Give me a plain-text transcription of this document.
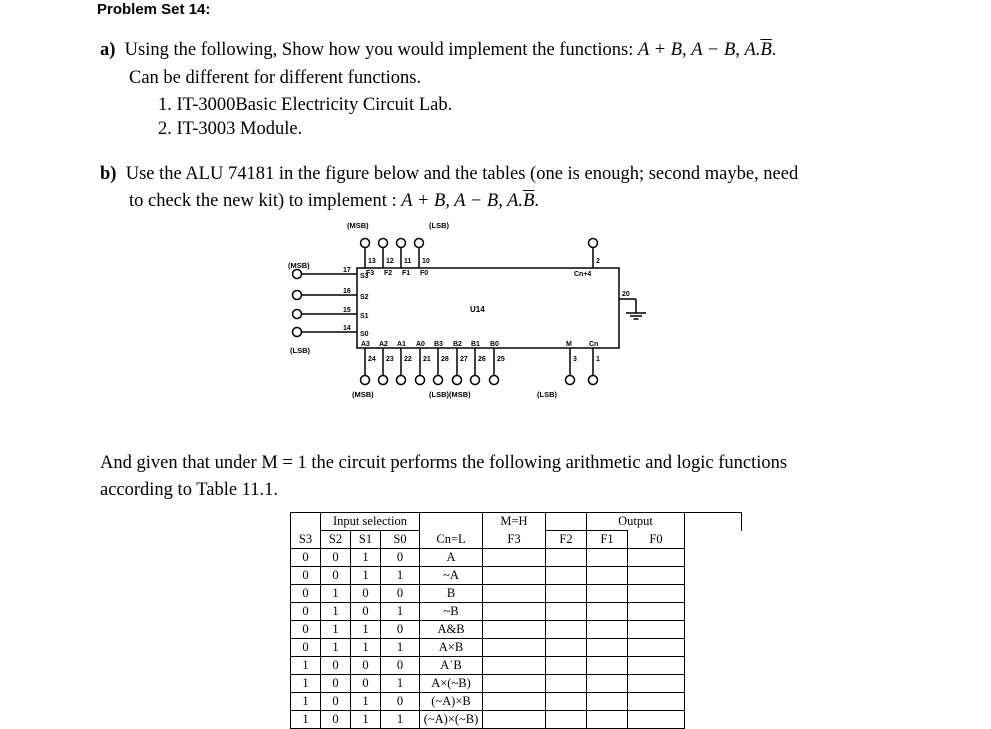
Problem Set 14:
a) Using the following, Show how you would implement the functions: A + B, A − B, $A.\overline{B}$.
Can be different for different functions.
1. IT-3000Basic Electricity Circuit Lab.
2. IT-3003 Module.
b) Use the ALU 74181 in the figure below and the tables (one is enough; second maybe, need
to check the new kit) to implement : A + B, A − B, $A.\overline{B}$.
U14
(MSB)	(LSB)
13
F3
12
F2
11
F1
10
F0
2
Cn+4
20
(MSB)
(LSB)
17
S3
16
S2
15
S1
14
S0
24
A3
23
A2
22
A1
21
A0
28
B3
27
B2
26
B1
25
B0
3
M
1
Cn
(MSB)	(LSB)(MSB)	(LSB)
And given that under M = 1 the circuit performs the following arithmetic and logic functions
according to Table 11.1.
	Input selection				M=H		Output		
S3	S2	S1	S0	Cn=L	F3	F2	F1	F0	
0	0	1	0	A					
0	0	1	1	~A					
0	1	0	0	B					
0	1	0	1	~B					
0	1	1	0	A&B					
0	1	1	1	A×B					
1	0	0	0	A˙B					
1	0	0	1	A×(~B)					
1	0	1	0	(~A)×B					
1	0	1	1	(~A)×(~B)					
